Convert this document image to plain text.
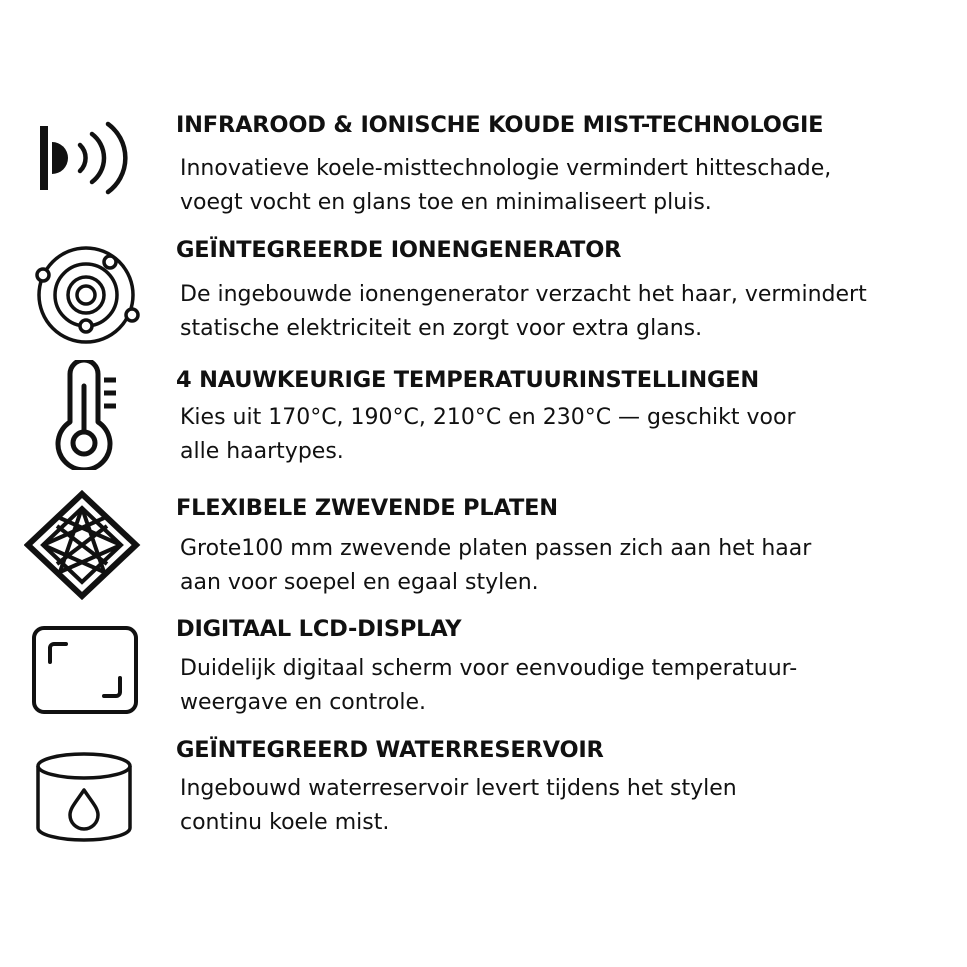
INFRAROOD & IONISCHE KOUDE MIST-TECHNOLOGIE

Innovatieve koele-misttechnologie vermindert hitteschade,
voegt vocht en glans toe en minimaliseert pluis.

GEÏNTEGREERDE IONENGENERATOR

De ingebouwde ionengenerator verzacht het haar, vermindert
statische elektriciteit en zorgt voor extra glans.

4 NAUWKEURIGE TEMPERATUURINSTELLINGEN

Kies uit 170°C, 190°C, 210°C en 230°C — geschikt voor
alle haartypes.

FLEXIBELE ZWEVENDE PLATEN

Grote100 mm zwevende platen passen zich aan het haar
aan voor soepel en egaal stylen.

DIGITAAL LCD-DISPLAY

Duidelijk digitaal scherm voor eenvoudige temperatuur-
weergave en controle.

GEÏNTEGREERD WATERRESERVOIR

Ingebouwd waterreservoir levert tijdens het stylen
continu koele mist.
